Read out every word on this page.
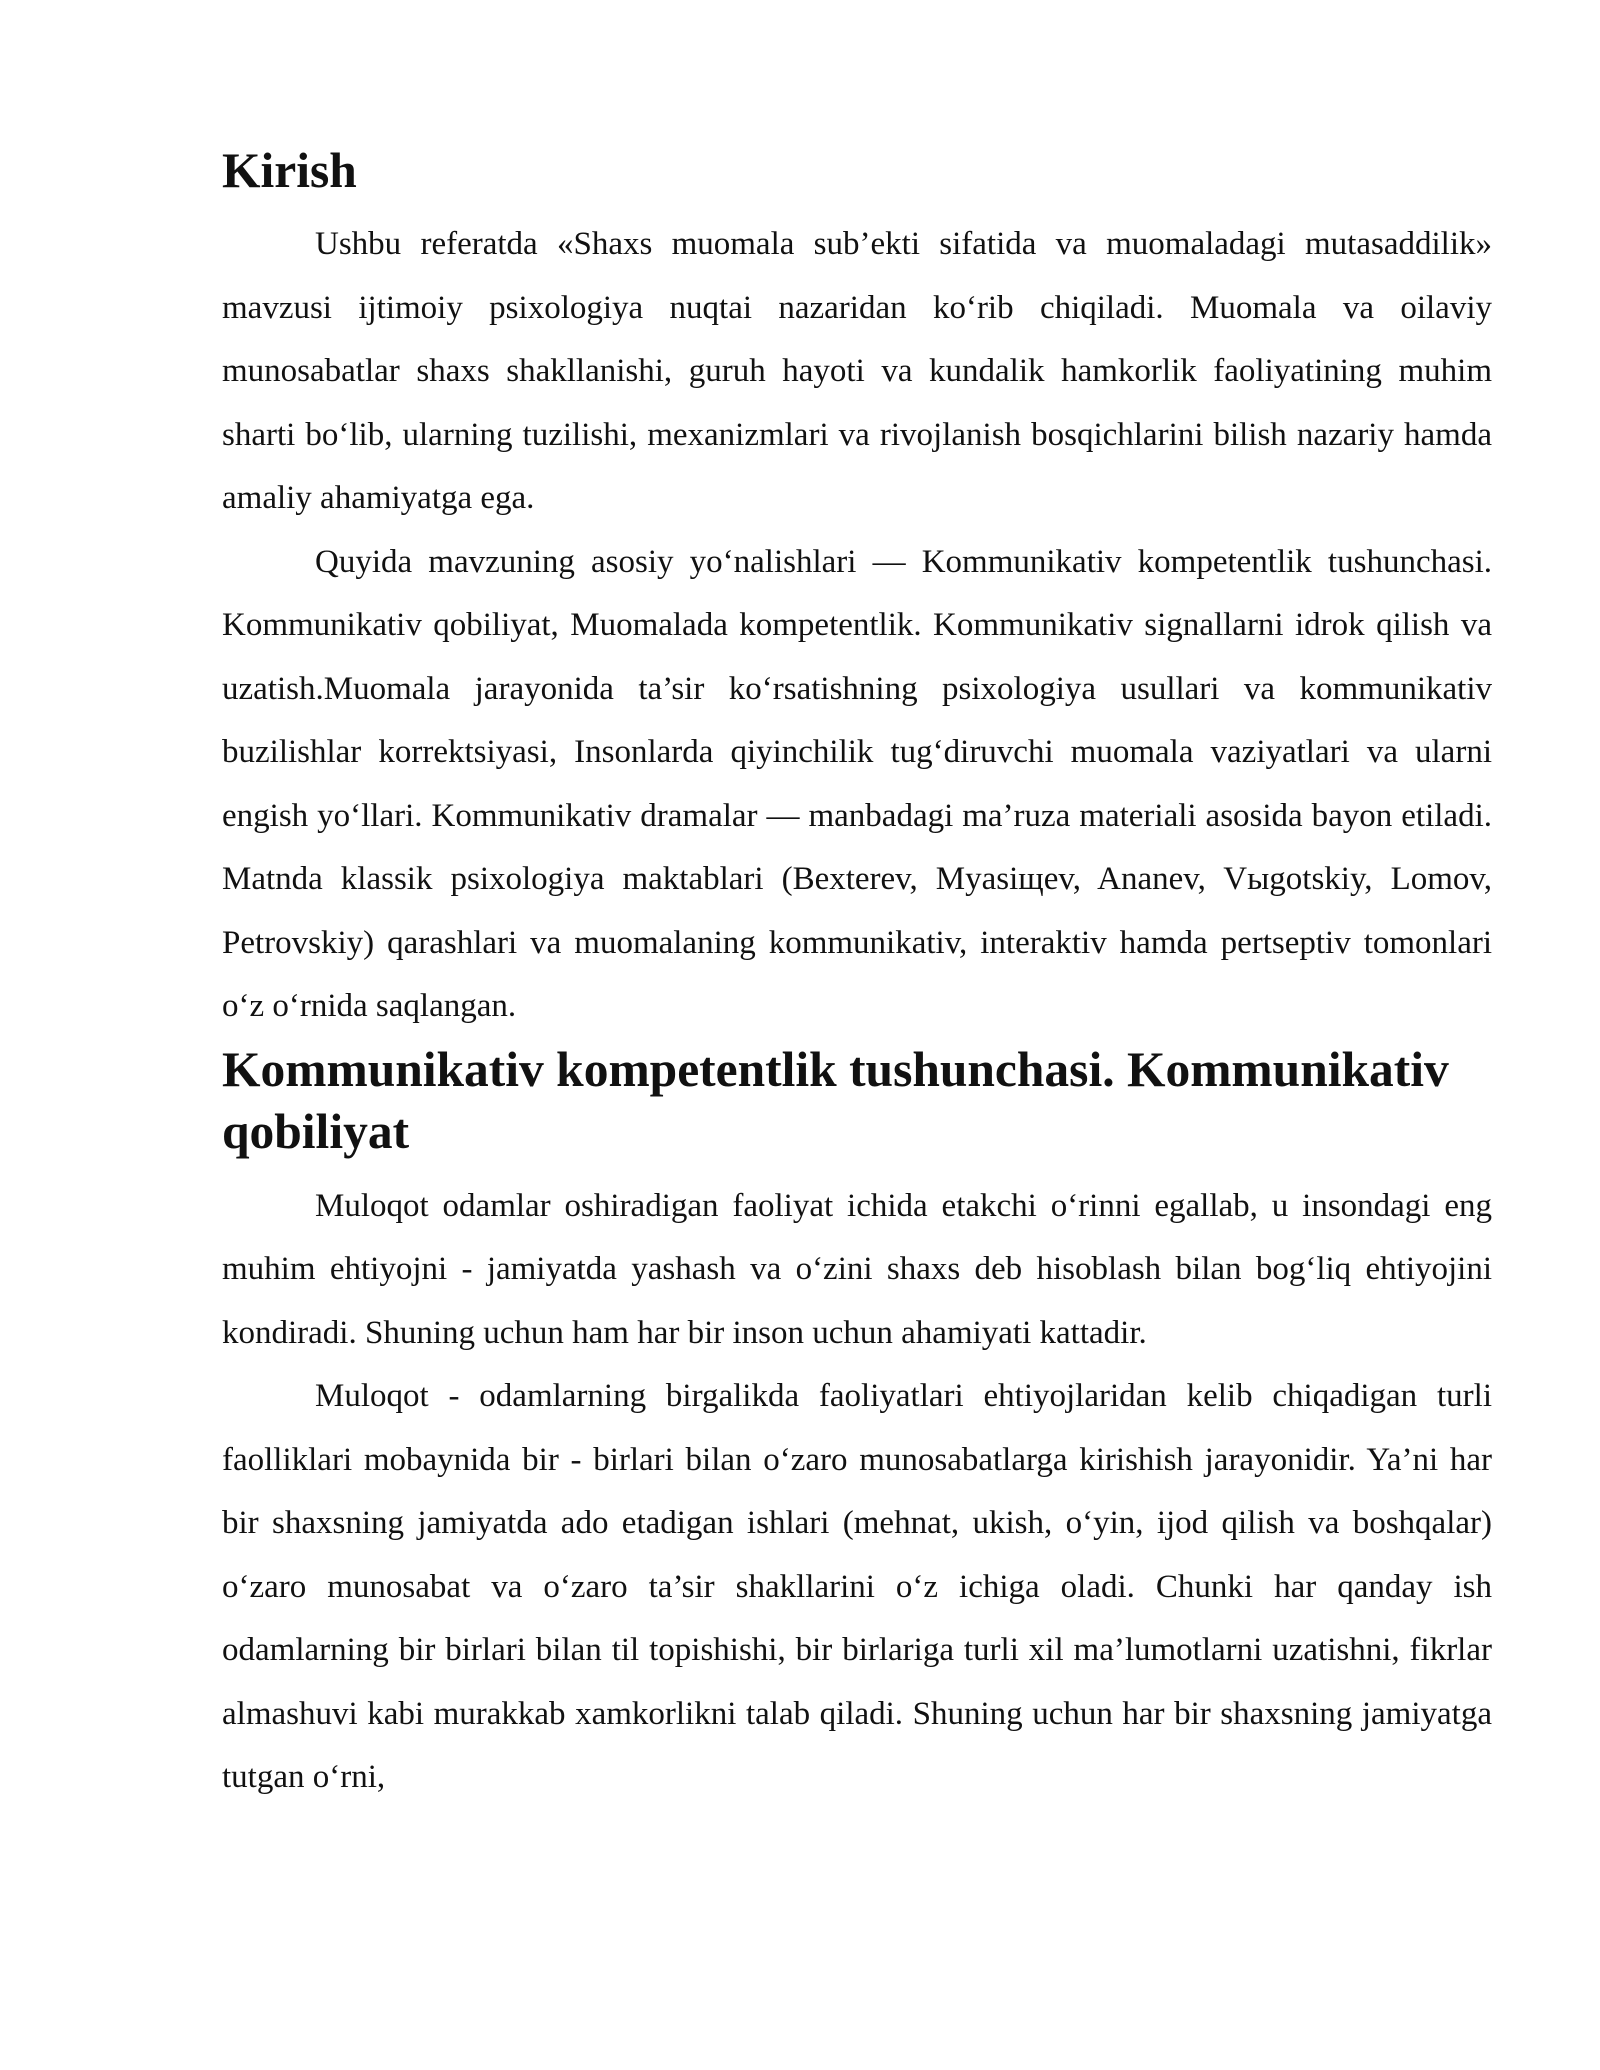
Kirish

Ushbu referatda «Shaxs muomala sub’ekti sifatida va muomaladagi mutasaddilik» mavzusi ijtimoiy psixologiya nuqtai nazaridan ko‘rib chiqiladi. Muomala va oilaviy munosabatlar shaxs shakllanishi, guruh hayoti va kundalik hamkorlik faoliyatining muhim sharti bo‘lib, ularning tuzilishi, mexanizmlari va rivojlanish bosqichlarini bilish nazariy hamda amaliy ahamiyatga ega.

Quyida mavzuning asosiy yo‘nalishlari — Kommunikativ kompetentlik tushunchasi. Kommunikativ qobiliyat, Muomalada kompetentlik. Kommunikativ signallarni idrok qilish va uzatish.Muomala jarayonida ta’sir ko‘rsatishning psixologiya usullari va kommunikativ buzilishlar korrektsiyasi, Insonlarda qiyinchilik tug‘diruvchi muomala vaziyatlari va ularni engish yo‘llari. Kommunikativ dramalar — manbadagi ma’ruza materiali asosida bayon etiladi. Matnda klassik psixologiya maktablari (Bexterev, Myasiщev, Ananev, Vыgotskiy, Lomov, Petrovskiy) qarashlari va muomalaning kommunikativ, interaktiv hamda pertseptiv tomonlari o‘z o‘rnida saqlangan.

Kommunikativ kompetentlik tushunchasi. Kommunikativ qobiliyat

Muloqot odamlar oshiradigan faoliyat ichida etakchi o‘rinni egallab, u insondagi eng muhim ehtiyojni - jamiyatda yashash va o‘zini shaxs deb hisoblash bilan bog‘liq ehtiyojini kondiradi. Shuning uchun ham har bir inson uchun ahamiyati kattadir.

Muloqot - odamlarning birgalikda faoliyatlari ehtiyojlaridan kelib chiqadigan turli faolliklari mobaynida bir - birlari bilan o‘zaro munosabatlarga kirishish jarayonidir. Ya’ni har bir shaxsning jamiyatda ado etadigan ishlari (mehnat, ukish, o‘yin, ijod qilish va boshqalar) o‘zaro munosabat va o‘zaro ta’sir shakllarini o‘z ichiga oladi. Chunki har qanday ish odamlarning bir birlari bilan til topishishi, bir birlariga turli xil ma’lumotlarni uzatishni, fikrlar almashuvi kabi murakkab xamkorlikni talab qiladi. Shuning uchun har bir shaxsning jamiyatga tutgan o‘rni,
